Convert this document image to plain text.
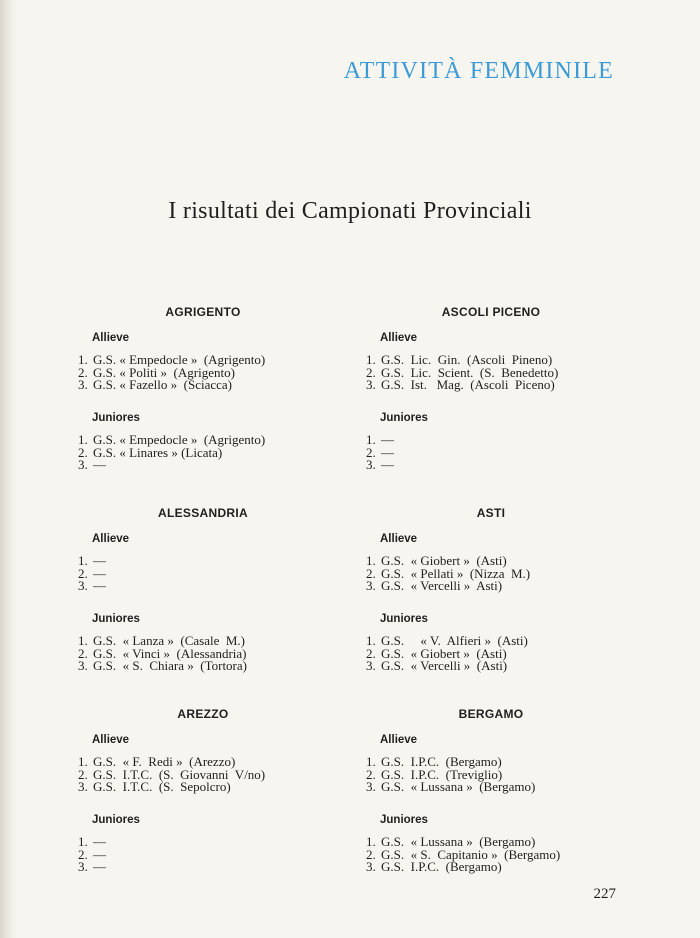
ATTIVITÀ FEMMINILE
I risultati dei Campionati Provinciali
AGRIGENTO
Allieve
1. G.S. « Empedocle »  (Agrigento)
2. G.S. « Politi »  (Agrigento)
3. G.S. « Fazello »  (Sciacca)
Juniores
1. G.S. « Empedocle »  (Agrigento)
2. G.S. « Linares » (Licata)
3. —
ASCOLI PICENO
Allieve
1. G.S.  Lic.  Gin.  (Ascoli  Pineno)
2. G.S.  Lic.  Scient.  (S.  Benedetto)
3. G.S.  Ist.   Mag.  (Ascoli  Piceno)
Juniores
1. —
2. —
3. —
ALESSANDRIA
Allieve
1. —
2. —
3. —
Juniores
1. G.S.  « Lanza »  (Casale  M.)
2. G.S.  « Vinci »  (Alessandria)
3. G.S.  « S.  Chiara »  (Tortora)
ASTI
Allieve
1. G.S.  « Giobert »  (Asti)
2. G.S.  « Pellati »  (Nizza  M.)
3. G.S.  « Vercelli »  Asti)
Juniores
1. G.S.     « V.  Alfieri »  (Asti)
2. G.S.  « Giobert »  (Asti)
3. G.S.  « Vercelli »  (Asti)
AREZZO
Allieve
1. G.S.  « F.  Redi »  (Arezzo)
2. G.S.  I.T.C.  (S.  Giovanni  V/no)
3. G.S.  I.T.C.  (S.  Sepolcro)
Juniores
1. —
2. —
3. —
BERGAMO
Allieve
1. G.S.  I.P.C.  (Bergamo)
2. G.S.  I.P.C.  (Treviglio)
3. G.S.  « Lussana »  (Bergamo)
Juniores
1. G.S.  « Lussana »  (Bergamo)
2. G.S.  « S.  Capitanio »  (Bergamo)
3. G.S.  I.P.C.  (Bergamo)
227
